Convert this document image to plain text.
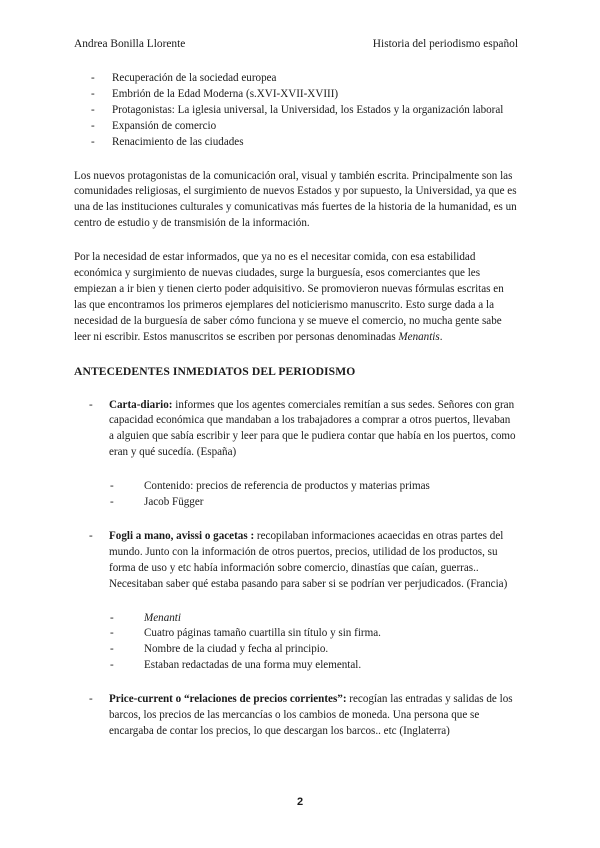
Andrea Bonilla Llorente	Historia del periodismo español
- Recuperación de la sociedad europea
- Embrión de la Edad Moderna (s.XVI-XVII-XVIII)
- Protagonistas: La iglesia universal, la Universidad, los Estados y la organización laboral
- Expansión de comercio
- Renacimiento de las ciudades

Los nuevos protagonistas de la comunicación oral, visual y también escrita. Principalmente son las comunidades religiosas, el surgimiento de nuevos Estados y por supuesto, la Universidad, ya que es una de las instituciones culturales y comunicativas más fuertes de la historia de la humanidad, es un centro de estudio y de transmisión de la información.

Por la necesidad de estar informados, que ya no es el necesitar comida, con esa estabilidad económica y surgimiento de nuevas ciudades, surge la burguesía, esos comerciantes que les empiezan a ir bien y tienen cierto poder adquisitivo. Se promovieron nuevas fórmulas escritas en las que encontramos los primeros ejemplares del noticierismo manuscrito. Esto surge dada a la necesidad de la burguesía de saber cómo funciona y se mueve el comercio, no mucha gente sabe leer ni escribir. Estos manuscritos se escriben por personas denominadas Menantis.

ANTECEDENTES INMEDIATOS DEL PERIODISMO
- Carta-diario: informes que los agentes comerciales remitían a sus sedes. Señores con gran capacidad económica que mandaban a los trabajadores a comprar a otros puertos, llevaban a alguien que sabía escribir y leer para que le pudiera contar que había en los puertos, como eran y qué sucedía. (España)
- Contenido: precios de referencia de productos y materias primas
- Jacob Függer
- Fogli a mano, avissi o gacetas : recopilaban informaciones acaecidas en otras partes del mundo. Junto con la información de otros puertos, precios, utilidad de los productos, su forma de uso y etc había información sobre comercio, dinastías que caían, guerras.. Necesitaban saber qué estaba pasando para saber si se podrían ver perjudicados. (Francia)
- Menanti
- Cuatro páginas tamaño cuartilla sin título y sin firma.
- Nombre de la ciudad y fecha al principio.
- Estaban redactadas de una forma muy elemental.
- Price-current o “relaciones de precios corrientes”: recogían las entradas y salidas de los barcos, los precios de las mercancías o los cambios de moneda. Una persona que se encargaba de contar los precios, lo que descargan los barcos.. etc (Inglaterra)
2
